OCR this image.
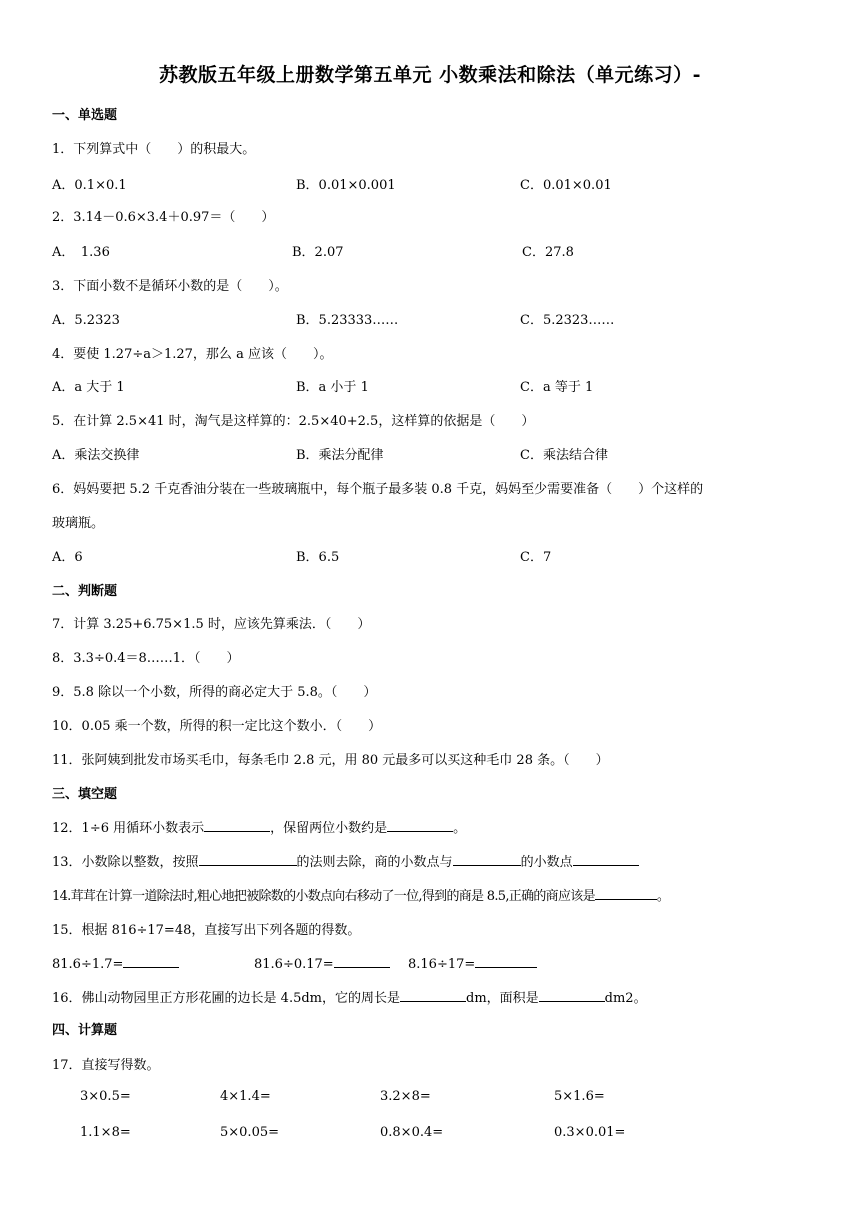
苏教版五年级上册数学第五单元 小数乘法和除法（单元练习）-
一、单选题
1．下列算式中（　　）的积最大。
A．0.1×0.1	B．0.01×0.001	C．0.01×0.01
2．3.14－0.6×3.4＋0.97＝（　　）
A．　1.36	B．2.07	C．27.8
3．下面小数不是循环小数的是（　　）。
A．5.2323	B．5.23333……	C．5.2323……
4．要使 1.27÷a＞1.27，那么 a 应该（　　）。
A．a 大于 1	B．a 小于 1	C．a 等于 1
5．在计算 2.5×41 时，淘气是这样算的：2.5×40+2.5，这样算的依据是（　　）
A．乘法交换律	B．乘法分配律	C．乘法结合律
6．妈妈要把 5.2 千克香油分装在一些玻璃瓶中，每个瓶子最多装 0.8 千克，妈妈至少需要准备（　　）个这样的
玻璃瓶。
A．6	B．6.5	C．7
二、判断题
7．计算 3.25+6.75×1.5 时，应该先算乘法．（　　）
8．3.3÷0.4＝8……1．（　　）
9．5.8 除以一个小数，所得的商必定大于 5.8。（　　）
10．0.05 乘一个数，所得的积一定比这个数小．（　　）
11．张阿姨到批发市场买毛巾，每条毛巾 2.8 元，用 80 元最多可以买这种毛巾 28 条。（　　）
三、填空题
12．1÷6 用循环小数表示	，保留两位小数约是	。
13．小数除以整数，按照	的法则去除，商的小数点与	的小数点
14.茸茸在计算一道除法时,粗心地把被除数的小数点向右移动了一位,得到的商是 8.5,正确的商应该是	。
15．根据 816÷17=48，直接写出下列各题的得数。
81.6÷1.7=	81.6÷0.17=	8.16÷17=
16．佛山动物园里正方形花圃的边长是 4.5dm，它的周长是	dm，面积是	dm2。
四、计算题
17．直接写得数。
3×0.5=	4×1.4=	3.2×8=	5×1.6=
1.1×8=	5×0.05=	0.8×0.4=	0.3×0.01=
